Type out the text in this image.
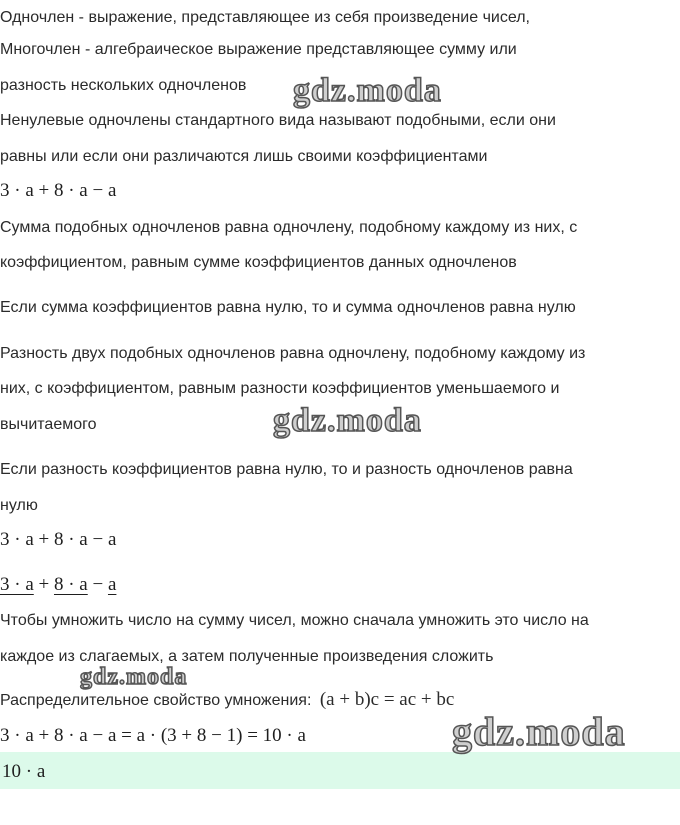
Одночлен - выражение, представляющее из себя произведение чисел,

Многочлен - алгебраическое выражение представляющее сумму или

разность нескольких одночленов

Ненулевые одночлены стандартного вида называют подобными, если они

равны или если они различаются лишь своими коэффициентами

3 · a + 8 · a − a

Сумма подобных одночленов равна одночлену, подобному каждому из них, с

коэффициентом, равным сумме коэффициентов данных одночленов

Если сумма коэффициентов равна нулю, то и сумма одночленов равна нулю

Разность двух подобных одночленов равна одночлену, подобному каждому из

них, с коэффициентом, равным разности коэффициентов уменьшаемого и

вычитаемого

Если разность коэффициентов равна нулю, то и разность одночленов равна

нулю

3 · a + 8 · a − a

3 · a + 8 · a − a

Чтобы умножить число на сумму чисел, можно сначала умножить это число на

каждое из слагаемых, а затем полученные произведения сложить

Распределительное свойство умножения: (a + b)c = ac + bc

3 · a + 8 · a − a = a · (3 + 8 − 1) = 10 · a

10 · a

gdz.moda
gdz.moda
gdz.moda
gdz.moda
